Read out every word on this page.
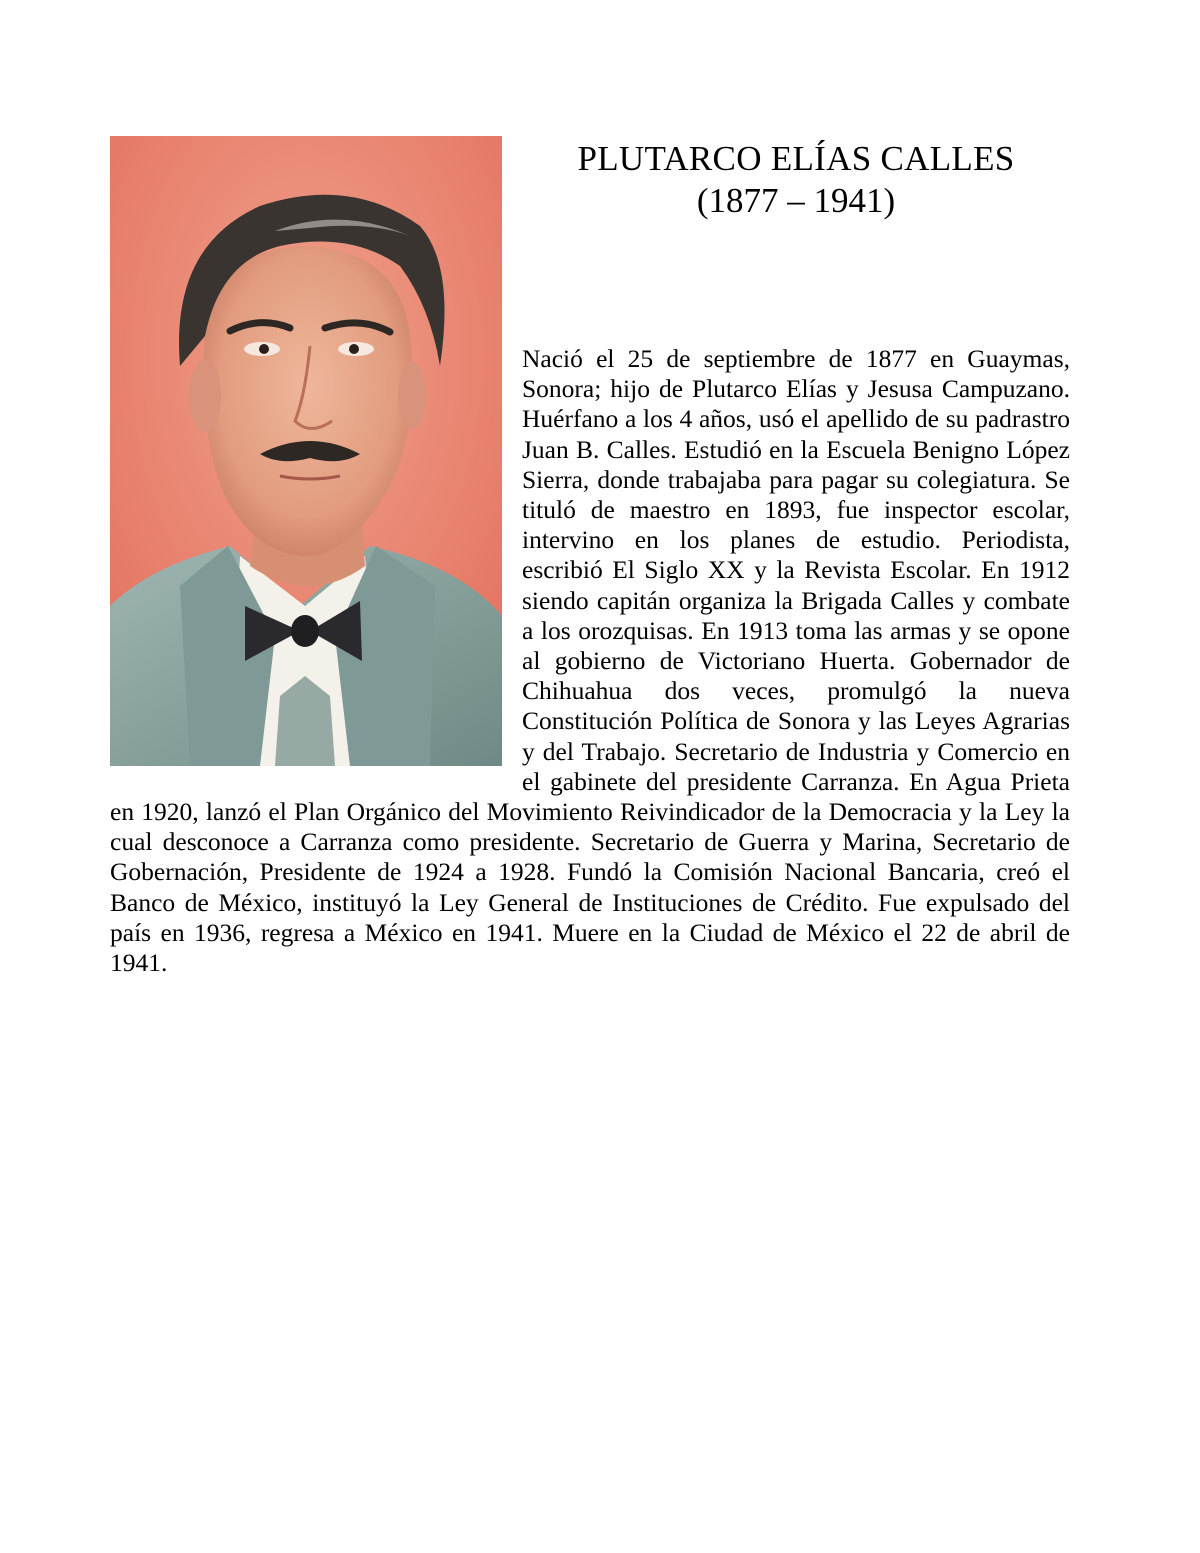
PLUTARCO ELÍAS CALLES

(1877 – 1941)

Nació el 25 de septiembre de 1877 en Guaymas, Sonora; hijo de Plutarco Elías y Jesusa Campuzano. Huérfano a los 4 años, usó el apellido de su padrastro Juan B. Calles. Estudió en la Escuela Benigno López Sierra, donde trabajaba para pagar su colegiatura. Se tituló de maestro en 1893, fue inspector escolar, intervino en los planes de estudio. Periodista, escribió El Siglo XX y la Revista Escolar. En 1912 siendo capitán organiza la Brigada Calles y combate a los orozquisas. En 1913 toma las armas y se opone al gobierno de Victoriano Huerta. Gobernador de Chihuahua dos veces, promulgó la nueva Constitución Política de Sonora y las Leyes Agrarias y del Trabajo. Secretario de Industria y Comercio en el gabinete del presidente Carranza. En Agua Prieta en 1920, lanzó el Plan Orgánico del Movimiento Reivindicador de la Democracia y la Ley la cual desconoce a Carranza como presidente. Secretario de Guerra y Marina, Secretario de Gobernación, Presidente de 1924 a 1928. Fundó la Comisión Nacional Bancaria, creó el Banco de México, instituyó la Ley General de Instituciones de Crédito. Fue expulsado del país en 1936, regresa a México en 1941. Muere en la Ciudad de México el 22 de abril de 1941.
